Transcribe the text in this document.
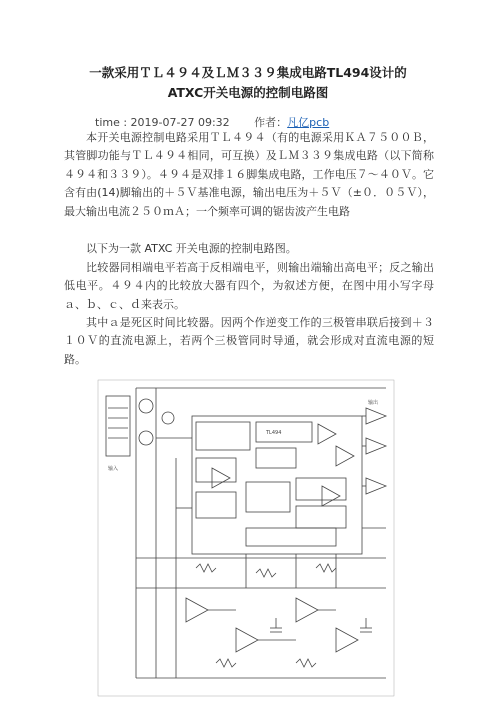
一款采用ＴＬ４９４及ＬＭ３３９集成电路TL494设计的
ATXC开关电源的控制电路图
time : 2019-07-27 09:32 作者：凡亿pcb
本开关电源控制电路采用ＴＬ４９４（有的电源采用ＫＡ７５００Ｂ，其管脚功能与ＴＬ４９４相同，可互换）及ＬＭ３３９集成电路（以下简称４９４和３３９）。４９４是双排１６脚集成电路，工作电压７～４０Ｖ。它含有由(14)脚输出的＋５Ｖ基准电源，输出电压为＋５Ｖ（±０．０５Ｖ），最大输出电流２５０ｍＡ；一个频率可调的锯齿波产生电路
以下为一款 ATXC 开关电源的控制电路图。
比较器同相端电平若高于反相端电平，则输出端输出高电平；反之输出低电平。４９４内的比较放大器有四个，为叙述方便，在图中用小写字母ａ、ｂ、ｃ、ｄ来表示。
其中ａ是死区时间比较器。因两个作逆变工作的三极管串联后接到＋３１０Ｖ的直流电源上，若两个三极管同时导通，就会形成对直流电源的短路。
TL494
输入
输出
